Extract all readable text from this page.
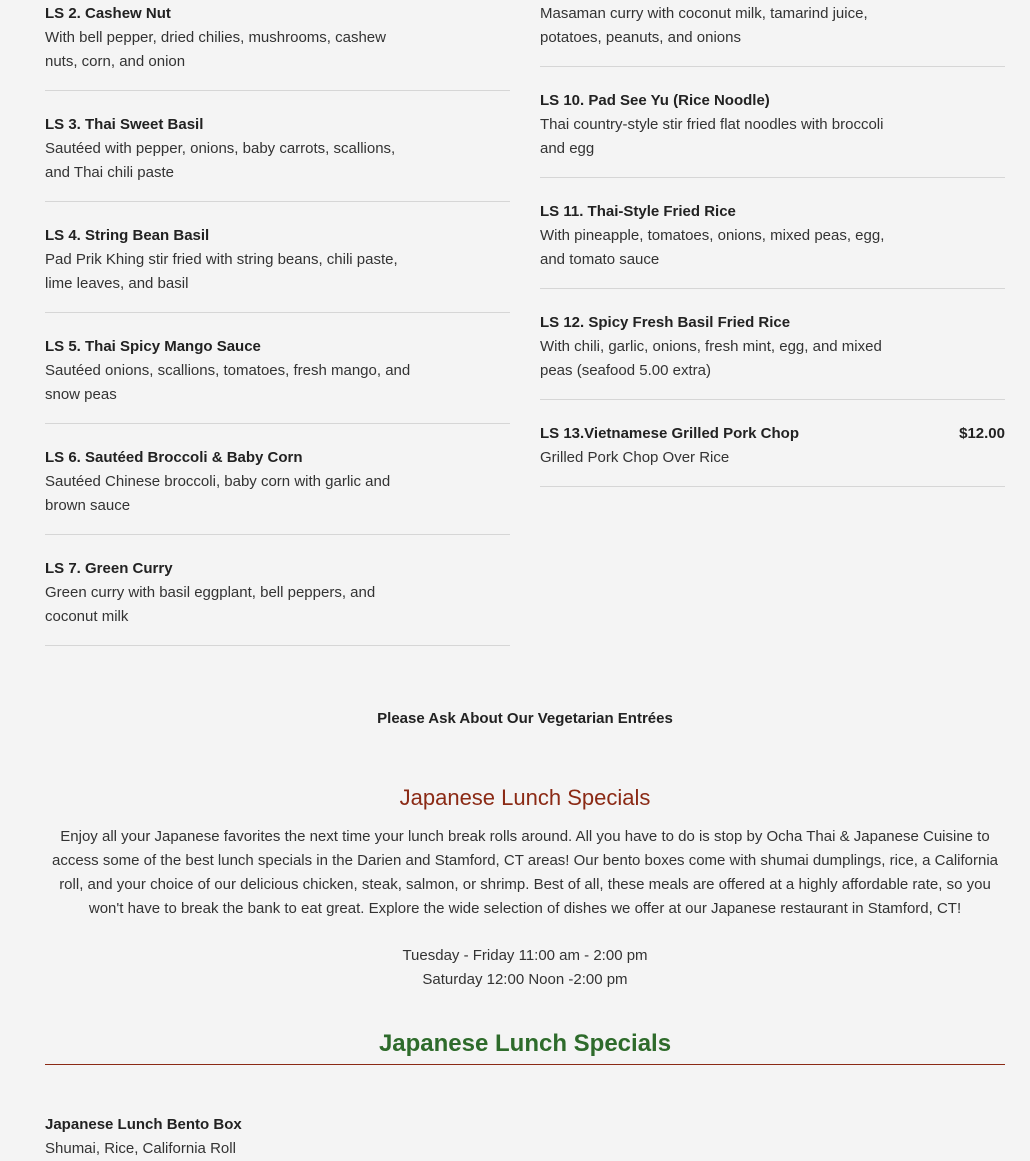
LS 2. Cashew Nut
With bell pepper, dried chilies, mushrooms, cashew nuts, corn, and onion
LS 3. Thai Sweet Basil
Sautéed with pepper, onions, baby carrots, scallions, and Thai chili paste
LS 4. String Bean Basil
Pad Prik Khing stir fried with string beans, chili paste, lime leaves, and basil
LS 5. Thai Spicy Mango Sauce
Sautéed onions, scallions, tomatoes, fresh mango, and snow peas
LS 6. Sautéed Broccoli & Baby Corn
Sautéed Chinese broccoli, baby corn with garlic and brown sauce
LS 7. Green Curry
Green curry with basil eggplant, bell peppers, and coconut milk
Masaman curry with coconut milk, tamarind juice, potatoes, peanuts, and onions
LS 10. Pad See Yu (Rice Noodle)
Thai country-style stir fried flat noodles with broccoli and egg
LS 11. Thai-Style Fried Rice
With pineapple, tomatoes, onions, mixed peas, egg, and tomato sauce
LS 12. Spicy Fresh Basil Fried Rice
With chili, garlic, onions, fresh mint, egg, and mixed peas (seafood 5.00 extra)
LS 13.Vietnamese Grilled Pork Chop
Grilled Pork Chop Over Rice
$12.00
Please Ask About Our Vegetarian Entrées
Japanese Lunch Specials
Enjoy all your Japanese favorites the next time your lunch break rolls around. All you have to do is stop by Ocha Thai & Japanese Cuisine to access some of the best lunch specials in the Darien and Stamford, CT areas! Our bento boxes come with shumai dumplings, rice, a California roll, and your choice of our delicious chicken, steak, salmon, or shrimp. Best of all, these meals are offered at a highly affordable rate, so you won't have to break the bank to eat great. Explore the wide selection of dishes we offer at our Japanese restaurant in Stamford, CT!
Tuesday - Friday 11:00 am - 2:00 pm
Saturday 12:00 Noon -2:00 pm
Japanese Lunch Specials
Japanese Lunch Bento Box
Shumai, Rice, California Roll
